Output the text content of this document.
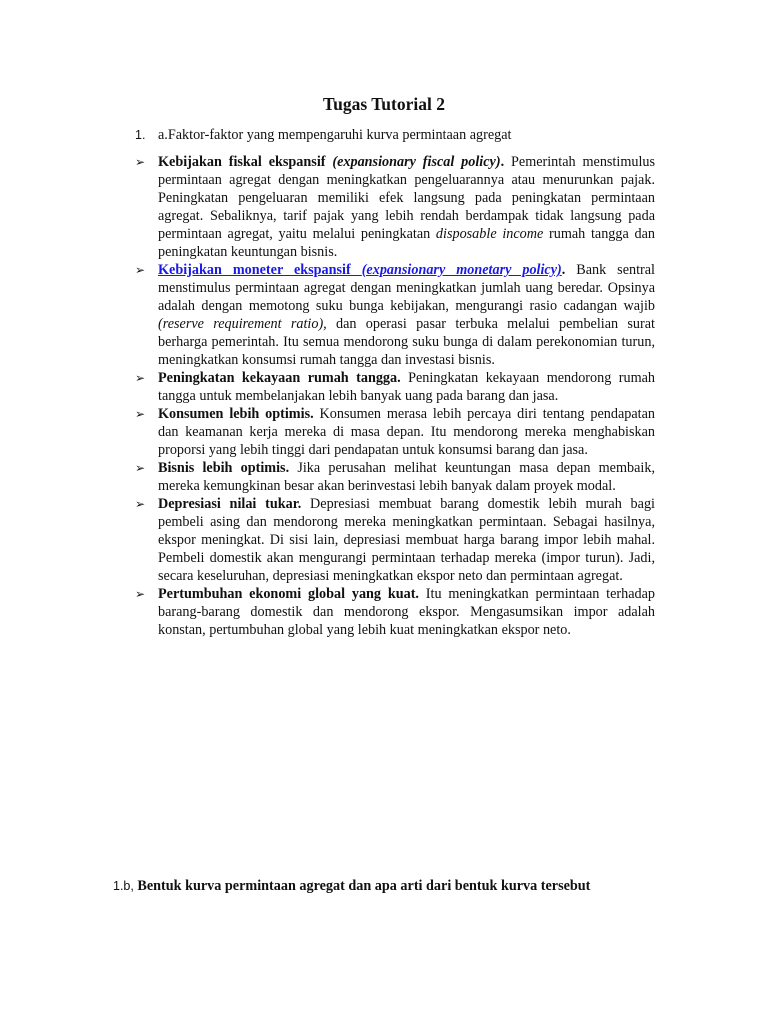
Tugas Tutorial 2
1. a.Faktor-faktor yang mempengaruhi kurva permintaan agregat
➢ Kebijakan fiskal ekspansif (expansionary fiscal policy). Pemerintah menstimulus permintaan agregat dengan meningkatkan pengeluarannya atau menurunkan pajak. Peningkatan pengeluaran memiliki efek langsung pada peningkatan permintaan agregat. Sebaliknya, tarif pajak yang lebih rendah berdampak tidak langsung pada permintaan agregat, yaitu melalui peningkatan disposable income rumah tangga dan peningkatan keuntungan bisnis.

➢ Kebijakan moneter ekspansif (expansionary monetary policy). Bank sentral menstimulus permintaan agregat dengan meningkatkan jumlah uang beredar. Opsinya adalah dengan memotong suku bunga kebijakan, mengurangi rasio cadangan wajib (reserve requirement ratio), dan operasi pasar terbuka melalui pembelian surat berharga pemerintah. Itu semua mendorong suku bunga di dalam perekonomian turun, meningkatkan konsumsi rumah tangga dan investasi bisnis.

➢ Peningkatan kekayaan rumah tangga. Peningkatan kekayaan mendorong rumah tangga untuk membelanjakan lebih banyak uang pada barang dan jasa.

➢ Konsumen lebih optimis. Konsumen merasa lebih percaya diri tentang pendapatan dan keamanan kerja mereka di masa depan. Itu mendorong mereka menghabiskan proporsi yang lebih tinggi dari pendapatan untuk konsumsi barang dan jasa.

➢ Bisnis lebih optimis. Jika perusahan melihat keuntungan masa depan membaik, mereka kemungkinan besar akan berinvestasi lebih banyak dalam proyek modal.

➢ Depresiasi nilai tukar. Depresiasi membuat barang domestik lebih murah bagi pembeli asing dan mendorong mereka meningkatkan permintaan. Sebagai hasilnya, ekspor meningkat. Di sisi lain, depresiasi membuat harga barang impor lebih mahal. Pembeli domestik akan mengurangi permintaan terhadap mereka (impor turun). Jadi, secara keseluruhan, depresiasi meningkatkan ekspor neto dan permintaan agregat.

➢ Pertumbuhan ekonomi global yang kuat. Itu meningkatkan permintaan terhadap barang-barang domestik dan mendorong ekspor. Mengasumsikan impor adalah konstan, pertumbuhan global yang lebih kuat meningkatkan ekspor neto.

1.b, Bentuk kurva permintaan agregat dan apa arti dari bentuk kurva tersebut
